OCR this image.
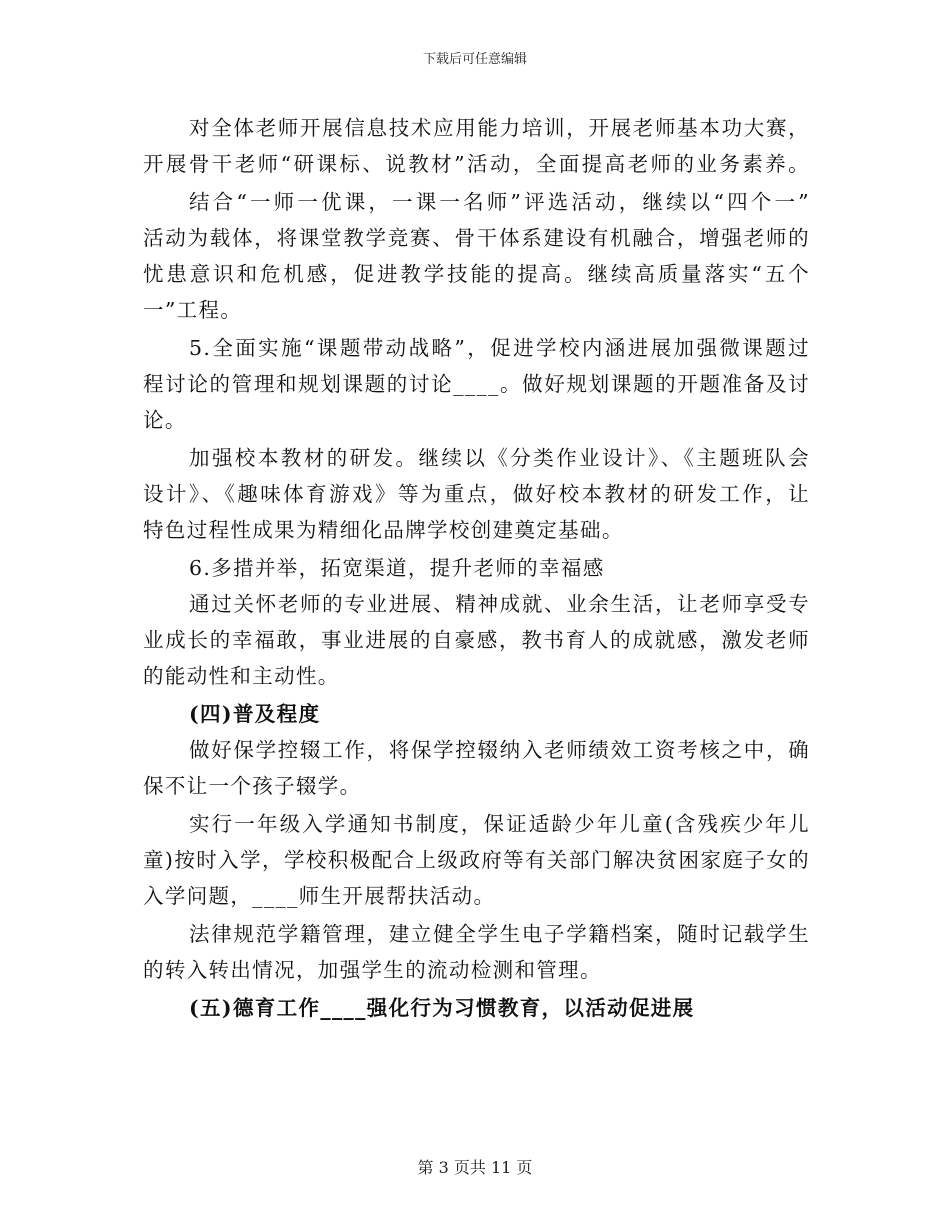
下载后可任意编辑
对全体老师开展信息技术应用能力培训，开展老师基本功大赛，
开展骨干老师“研课标、说教材”活动，全面提高老师的业务素养。
结合“一师一优课，一课一名师”评选活动，继续以“四个一”
活动为载体，将课堂教学竞赛、骨干体系建设有机融合，增强老师的
忧患意识和危机感，促进教学技能的提高。继续高质量落实“五个
一”工程。
5.全面实施“课题带动战略”，促进学校内涵进展加强微课题过
程讨论的管理和规划课题的讨论____。做好规划课题的开题准备及讨
论。
加强校本教材的研发。继续以《分类作业设计》、《主题班队会
设计》、《趣味体育游戏》等为重点，做好校本教材的研发工作，让
特色过程性成果为精细化品牌学校创建奠定基础。
6.多措并举，拓宽渠道，提升老师的幸福感
通过关怀老师的专业进展、精神成就、业余生活，让老师享受专
业成长的幸福敢，事业进展的自豪感，教书育人的成就感，激发老师
的能动性和主动性。
(四)普及程度
做好保学控辍工作，将保学控辍纳入老师绩效工资考核之中，确
保不让一个孩子辍学。
实行一年级入学通知书制度，保证适龄少年儿童(含残疾少年儿
童)按时入学，学校积极配合上级政府等有关部门解决贫困家庭子女的
入学问题，____师生开展帮扶活动。
法律规范学籍管理，建立健全学生电子学籍档案，随时记载学生
的转入转出情况，加强学生的流动检测和管理。
(五)德育工作____强化行为习惯教育，以活动促进展
第 3 页共 11 页
